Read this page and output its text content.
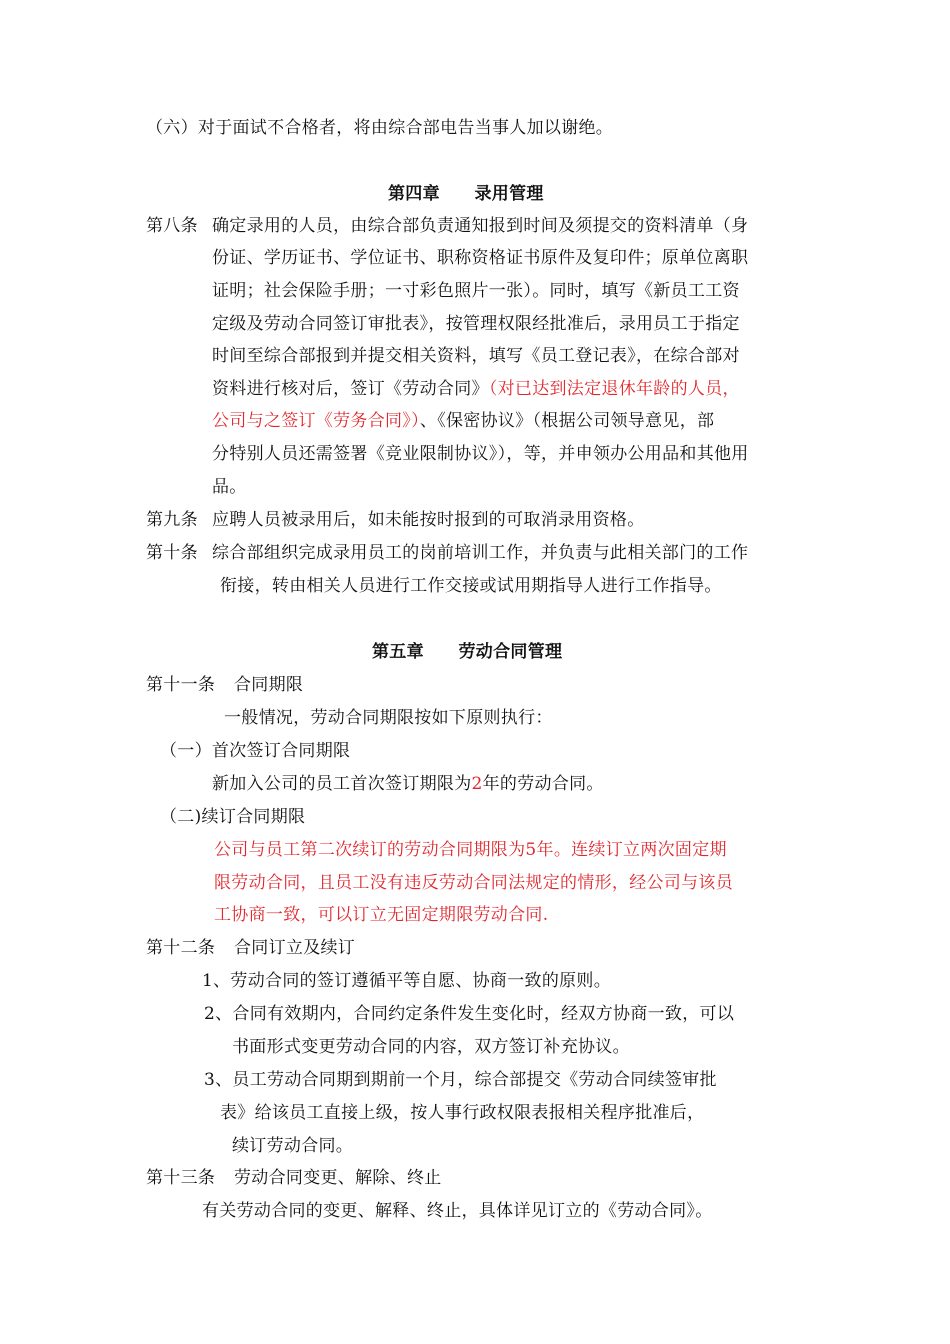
（六）对于面试不合格者，将由综合部电告当事人加以谢绝。
第四章　　录用管理
第八条 确定录用的人员，由综合部负责通知报到时间及须提交的资料清单（身
份证、学历证书、学位证书、职称资格证书原件及复印件；原单位离职
证明；社会保险手册；一寸彩色照片一张）。同时，填写《新员工工资
定级及劳动合同签订审批表》，按管理权限经批准后，录用员工于指定
时间至综合部报到并提交相关资料，填写《员工登记表》，在综合部对
资料进行核对后，签订《劳动合同》（对已达到法定退休年龄的人员，
公司与之签订《劳务合同》）、《保密协议》（根据公司领导意见，部
分特别人员还需签署《竞业限制协议》），等，并申领办公用品和其他用
品。
第九条 应聘人员被录用后，如未能按时报到的可取消录用资格。
第十条 综合部组织完成录用员工的岗前培训工作，并负责与此相关部门的工作
衔接，转由相关人员进行工作交接或试用期指导人进行工作指导。
第五章　　劳动合同管理
第十一条 合同期限
一般情况，劳动合同期限按如下原则执行：
（一）首次签订合同期限
新加入公司的员工首次签订期限为2年的劳动合同。
（二)续订合同期限
公司与员工第二次续订的劳动合同期限为5年。连续订立两次固定期
限劳动合同，且员工没有违反劳动合同法规定的情形，经公司与该员
工协商一致，可以订立无固定期限劳动合同.
第十二条 合同订立及续订
1、劳动合同的签订遵循平等自愿、协商一致的原则。
2、合同有效期内，合同约定条件发生变化时，经双方协商一致，可以
书面形式变更劳动合同的内容，双方签订补充协议。
3、员工劳动合同期到期前一个月，综合部提交《劳动合同续签审批
表》给该员工直接上级，按人事行政权限表报相关程序批准后，
续订劳动合同。
第十三条 劳动合同变更、解除、终止
有关劳动合同的变更、解释、终止，具体详见订立的《劳动合同》。
